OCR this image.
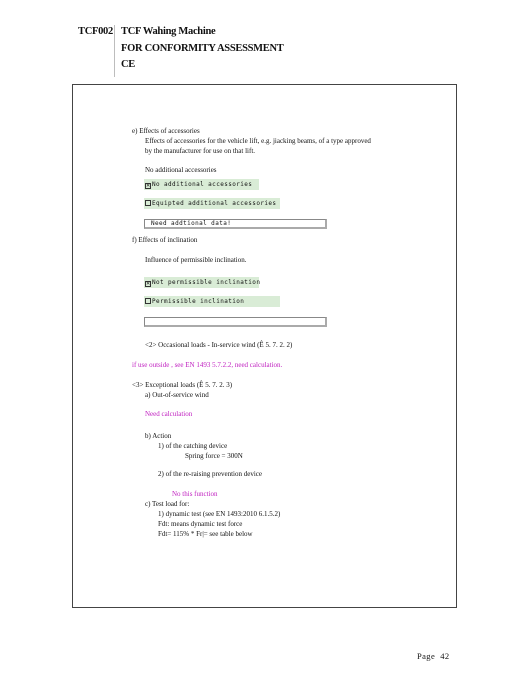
TCF002 TCF Wahing Machine
FOR CONFORMITY ASSESSMENT
CE
e) Effects of accessories
Effects of accessories for the vehicle lift, e.g. jiacking beams, of a type approved
by the manufacturer for use on that lift.
No additional accessories
✕No additional accessories
Equipted additional accessories
Need addtional data!
f) Effects of inclination
Influence of permissible inclination.
✕Not permissible inclination
Permissible inclination
<2> Occasional loads - In-service wind (Ê 5. 7. 2. 2)
if use outside , see EN 1493 5.7.2.2, need calculation.
<3> Exceptional loads (Ê 5. 7. 2. 3)
a) Out-of-service wind
Need calculation
b) Action
1) of the catching device
Spring force = 300N
2) of the re-raising prevention device
No this function
c) Test load for:
1) dynamic test (see EN 1493:2010 6.1.5.2)
Fdt: means dynamic test force
Fdt= 115% * Fr|= see table below
Page 42
